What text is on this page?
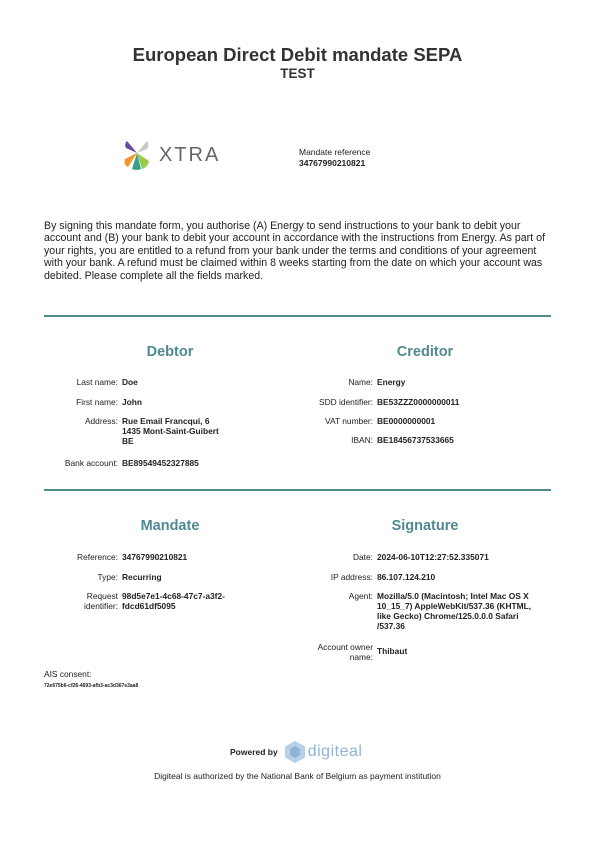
European Direct Debit mandate SEPA
TEST
XTRA	Mandate reference
34767990210821
By signing this mandate form, you authorise (A) Energy to send instructions to your bank to debit your account and (B) your bank to debit your account in accordance with the instructions from Energy. As part of your rights, you are entitled to a refund from your bank under the terms and conditions of your agreement with your bank. A refund must be claimed within 8 weeks starting from the date on which your account was debited. Please complete all the fields marked.
Debtor
Last name: Doe
First name: John
Address: Rue Email Francqui, 6
1435 Mont-Saint-Guibert
BE
Bank account: BE89549452327885
Creditor
Name: Energy
SDD identifier: BE53ZZZ0000000011
VAT number: BE0000000001
IBAN: BE18456737533665
Mandate
Reference: 34767990210821
Type: Recurring
Request
identifier:
98d5e7e1-4c68-47c7-a3f2-
fdcd61df5095
Signature
Date: 2024-06-10T12:27:52.335071
IP address: 86.107.124.210
Agent: Mozilla/5.0 (Macintosh; Intel Mac OS X
10_15_7) AppleWebKit/537.36 (KHTML,
like Gecko) Chrome/125.0.0.0 Safari
/537.36
Account owner
name:
Thibaut
AIS consent:
72e675b6-cf26-4693-afb3-ac3d367e3aa8
Powered by digiteal
Digiteal is authorized by the National Bank of Belgium as payment institution
